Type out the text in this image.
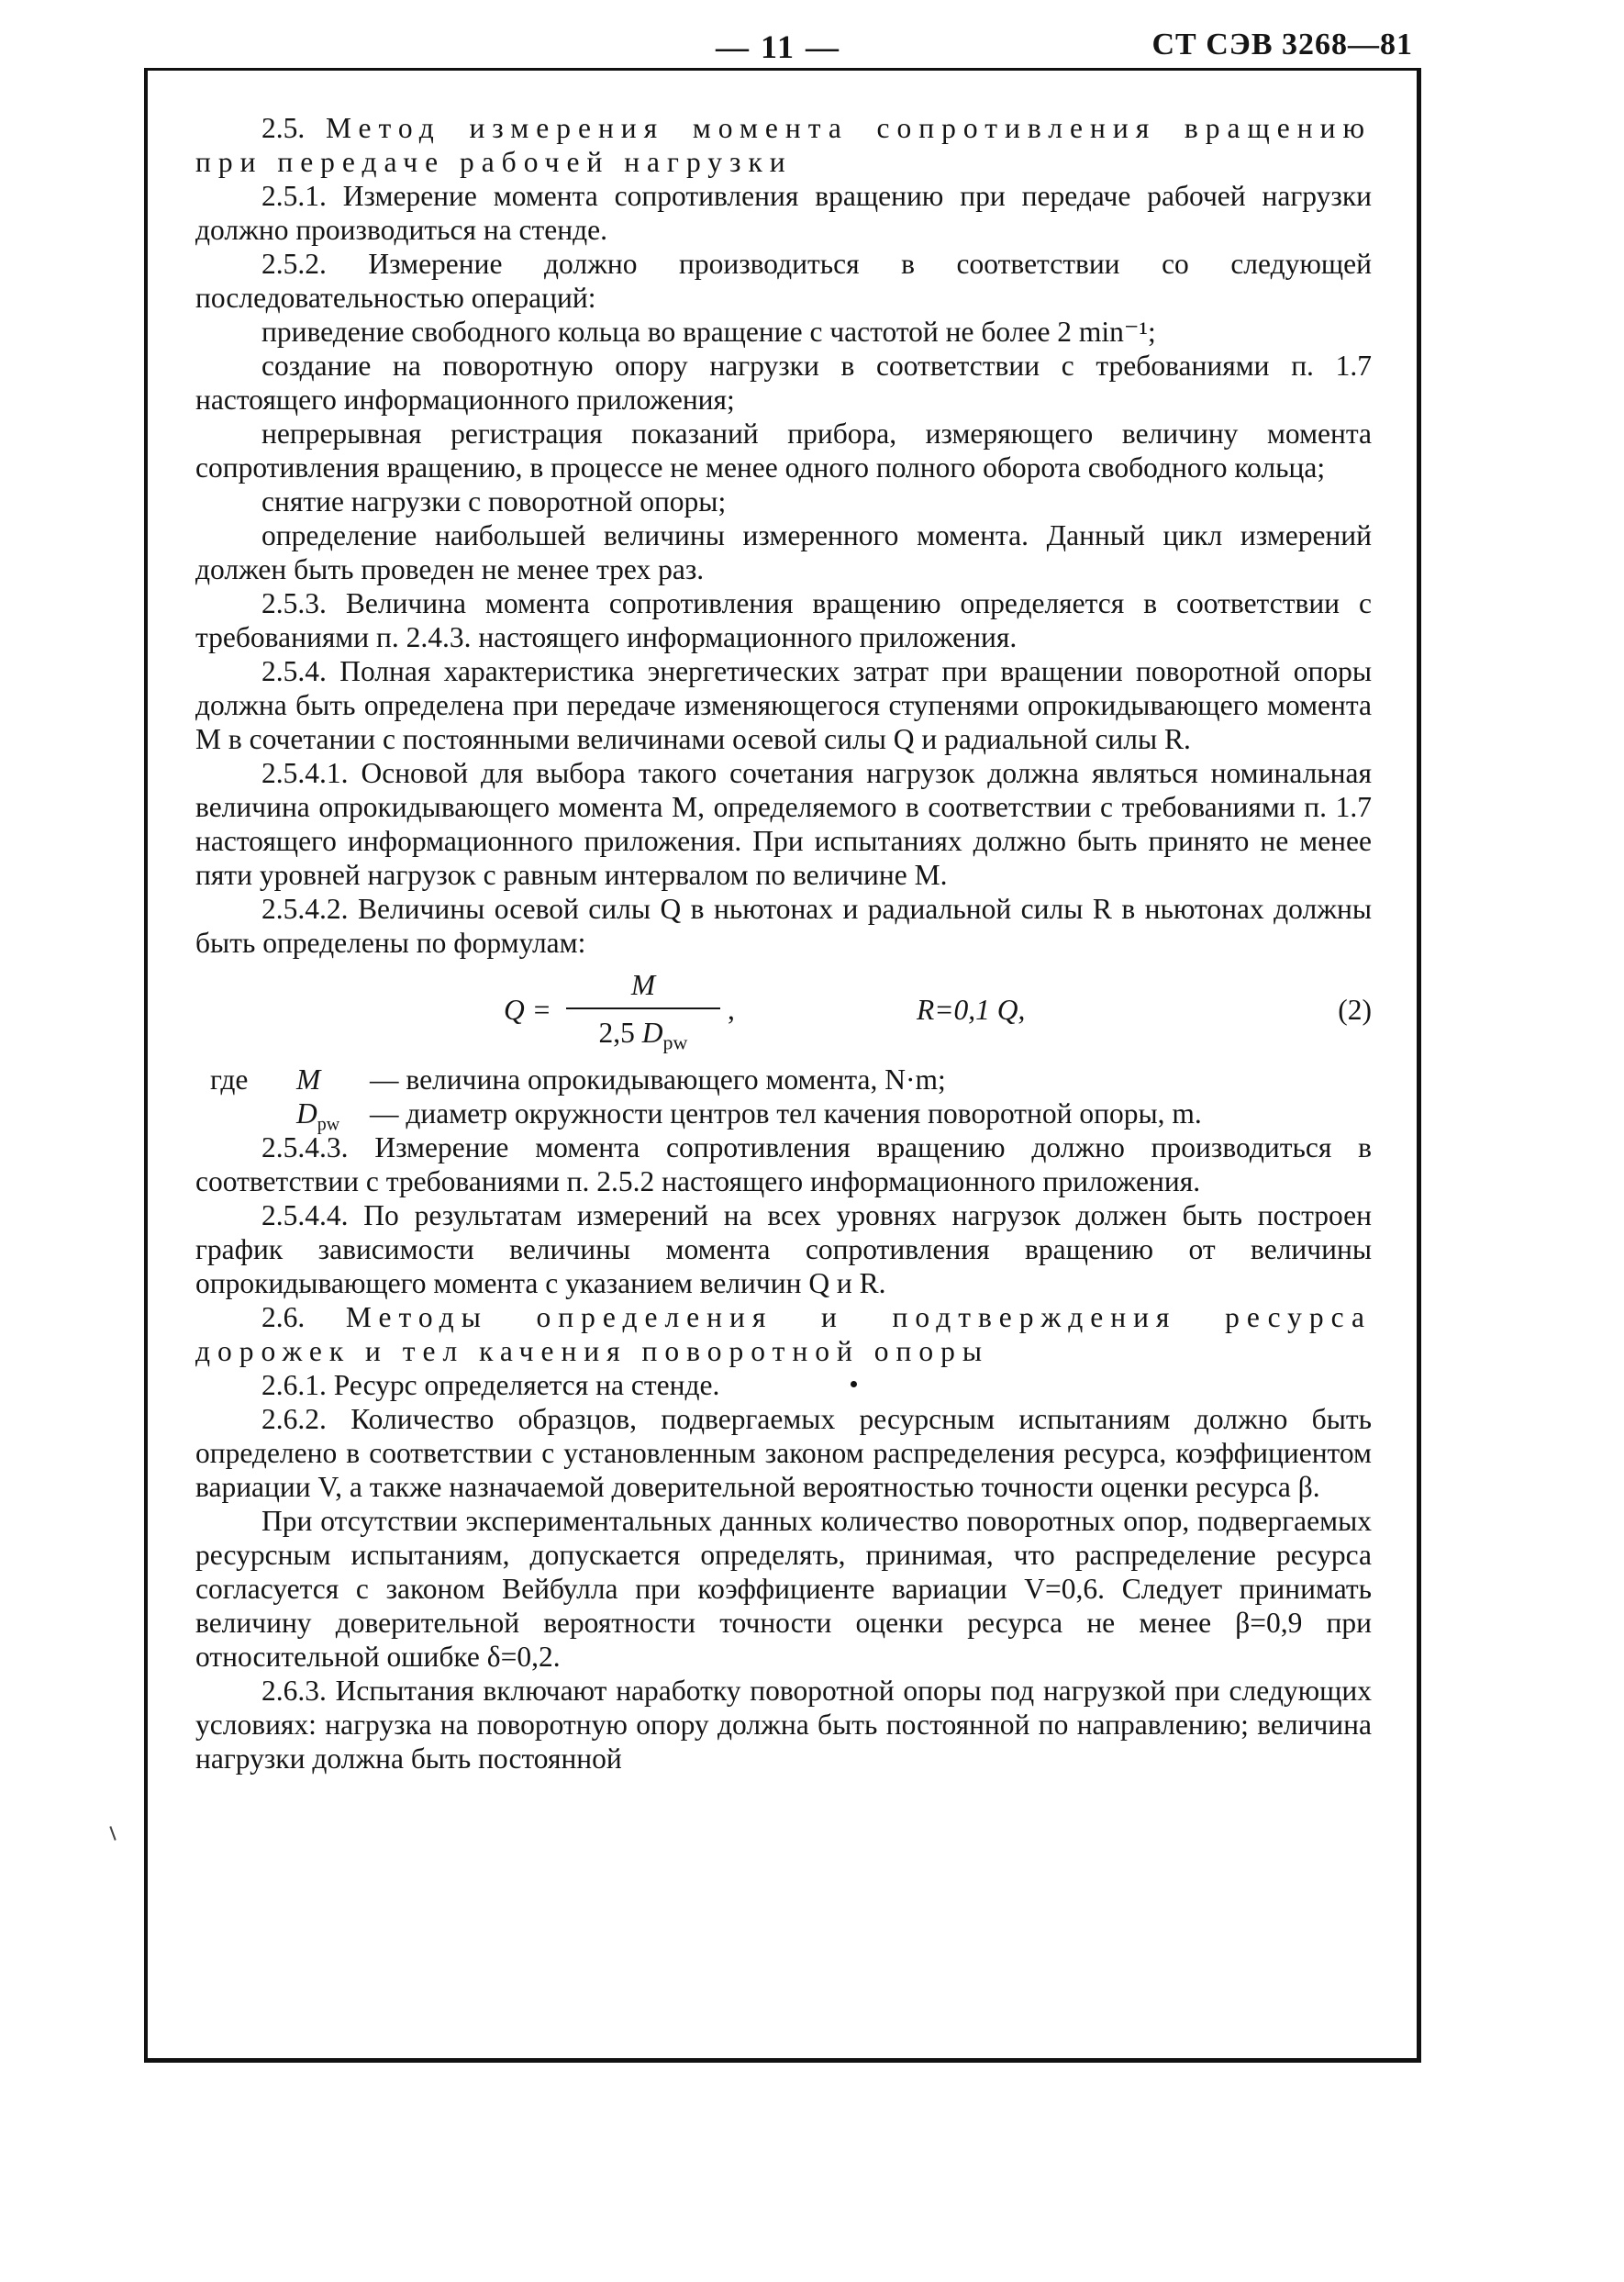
— 11 —	СТ СЭВ 3268—81

2.5. Метод измерения момента сопротивления вращению при передаче рабочей нагрузки

2.5.1. Измерение момента сопротивления вращению при передаче рабочей нагрузки должно производиться на стенде.

2.5.2. Измерение должно производиться в соответствии со следующей последовательностью операций:

приведение свободного кольца во вращение с частотой не более 2 min⁻¹;

создание на поворотную опору нагрузки в соответствии с требованиями п. 1.7 настоящего информационного приложения;

непрерывная регистрация показаний прибора, измеряющего величину момента сопротивления вращению, в процессе не менее одного полного оборота свободного кольца;

снятие нагрузки с поворотной опоры;

определение наибольшей величины измеренного момента. Данный цикл измерений должен быть проведен не менее трех раз.

2.5.3. Величина момента сопротивления вращению определяется в соответствии с требованиями п. 2.4.3. настоящего информационного приложения.

2.5.4. Полная характеристика энергетических затрат при вращении поворотной опоры должна быть определена при передаче изменяющегося ступенями опрокидывающего момента M в сочетании с постоянными величинами осевой силы Q и радиальной силы R.

2.5.4.1. Основой для выбора такого сочетания нагрузок должна являться номинальная величина опрокидывающего момента M, определяемого в соответствии с требованиями п. 1.7 настоящего информационного приложения. При испытаниях должно быть принято не менее пяти уровней нагрузок с равным интервалом по величине M.

2.5.4.2. Величины осевой силы Q в ньютонах и радиальной силы R в ньютонах должны быть определены по формулам:

Q =
M
2,5 $D_{pw}$
,	R=0,1 Q,	(2)
где M — величина опрокидывающего момента, N·m;
$D_{pw}$ — диаметр окружности центров тел качения поворотной опоры, m.

2.5.4.3. Измерение момента сопротивления вращению должно производиться в соответствии с требованиями п. 2.5.2 настоящего информационного приложения.

2.5.4.4. По результатам измерений на всех уровнях нагрузок должен быть построен график зависимости величины момента сопротивления вращению от величины опрокидывающего момента с указанием величин Q и R.

2.6. Методы определения и подтверждения ресурса дорожек и тел качения поворотной опоры

2.6.1. Ресурс определяется на стенде.

2.6.2. Количество образцов, подвергаемых ресурсным испытаниям должно быть определено в соответствии с установленным законом распределения ресурса, коэффициентом вариации V, а также назначаемой доверительной вероятностью точности оценки ресурса β.

При отсутствии экспериментальных данных количество поворотных опор, подвергаемых ресурсным испытаниям, допускается определять, принимая, что распределение ресурса согласуется с законом Вейбулла при коэффициенте вариации V=0,6. Следует принимать величину доверительной вероятности точности оценки ресурса не менее β=0,9 при относительной ошибке δ=0,2.

2.6.3. Испытания включают наработку поворотной опоры под нагрузкой при следующих условиях: нагрузка на поворотную опору должна быть постоянной по направлению; величина нагрузки должна быть постоянной
